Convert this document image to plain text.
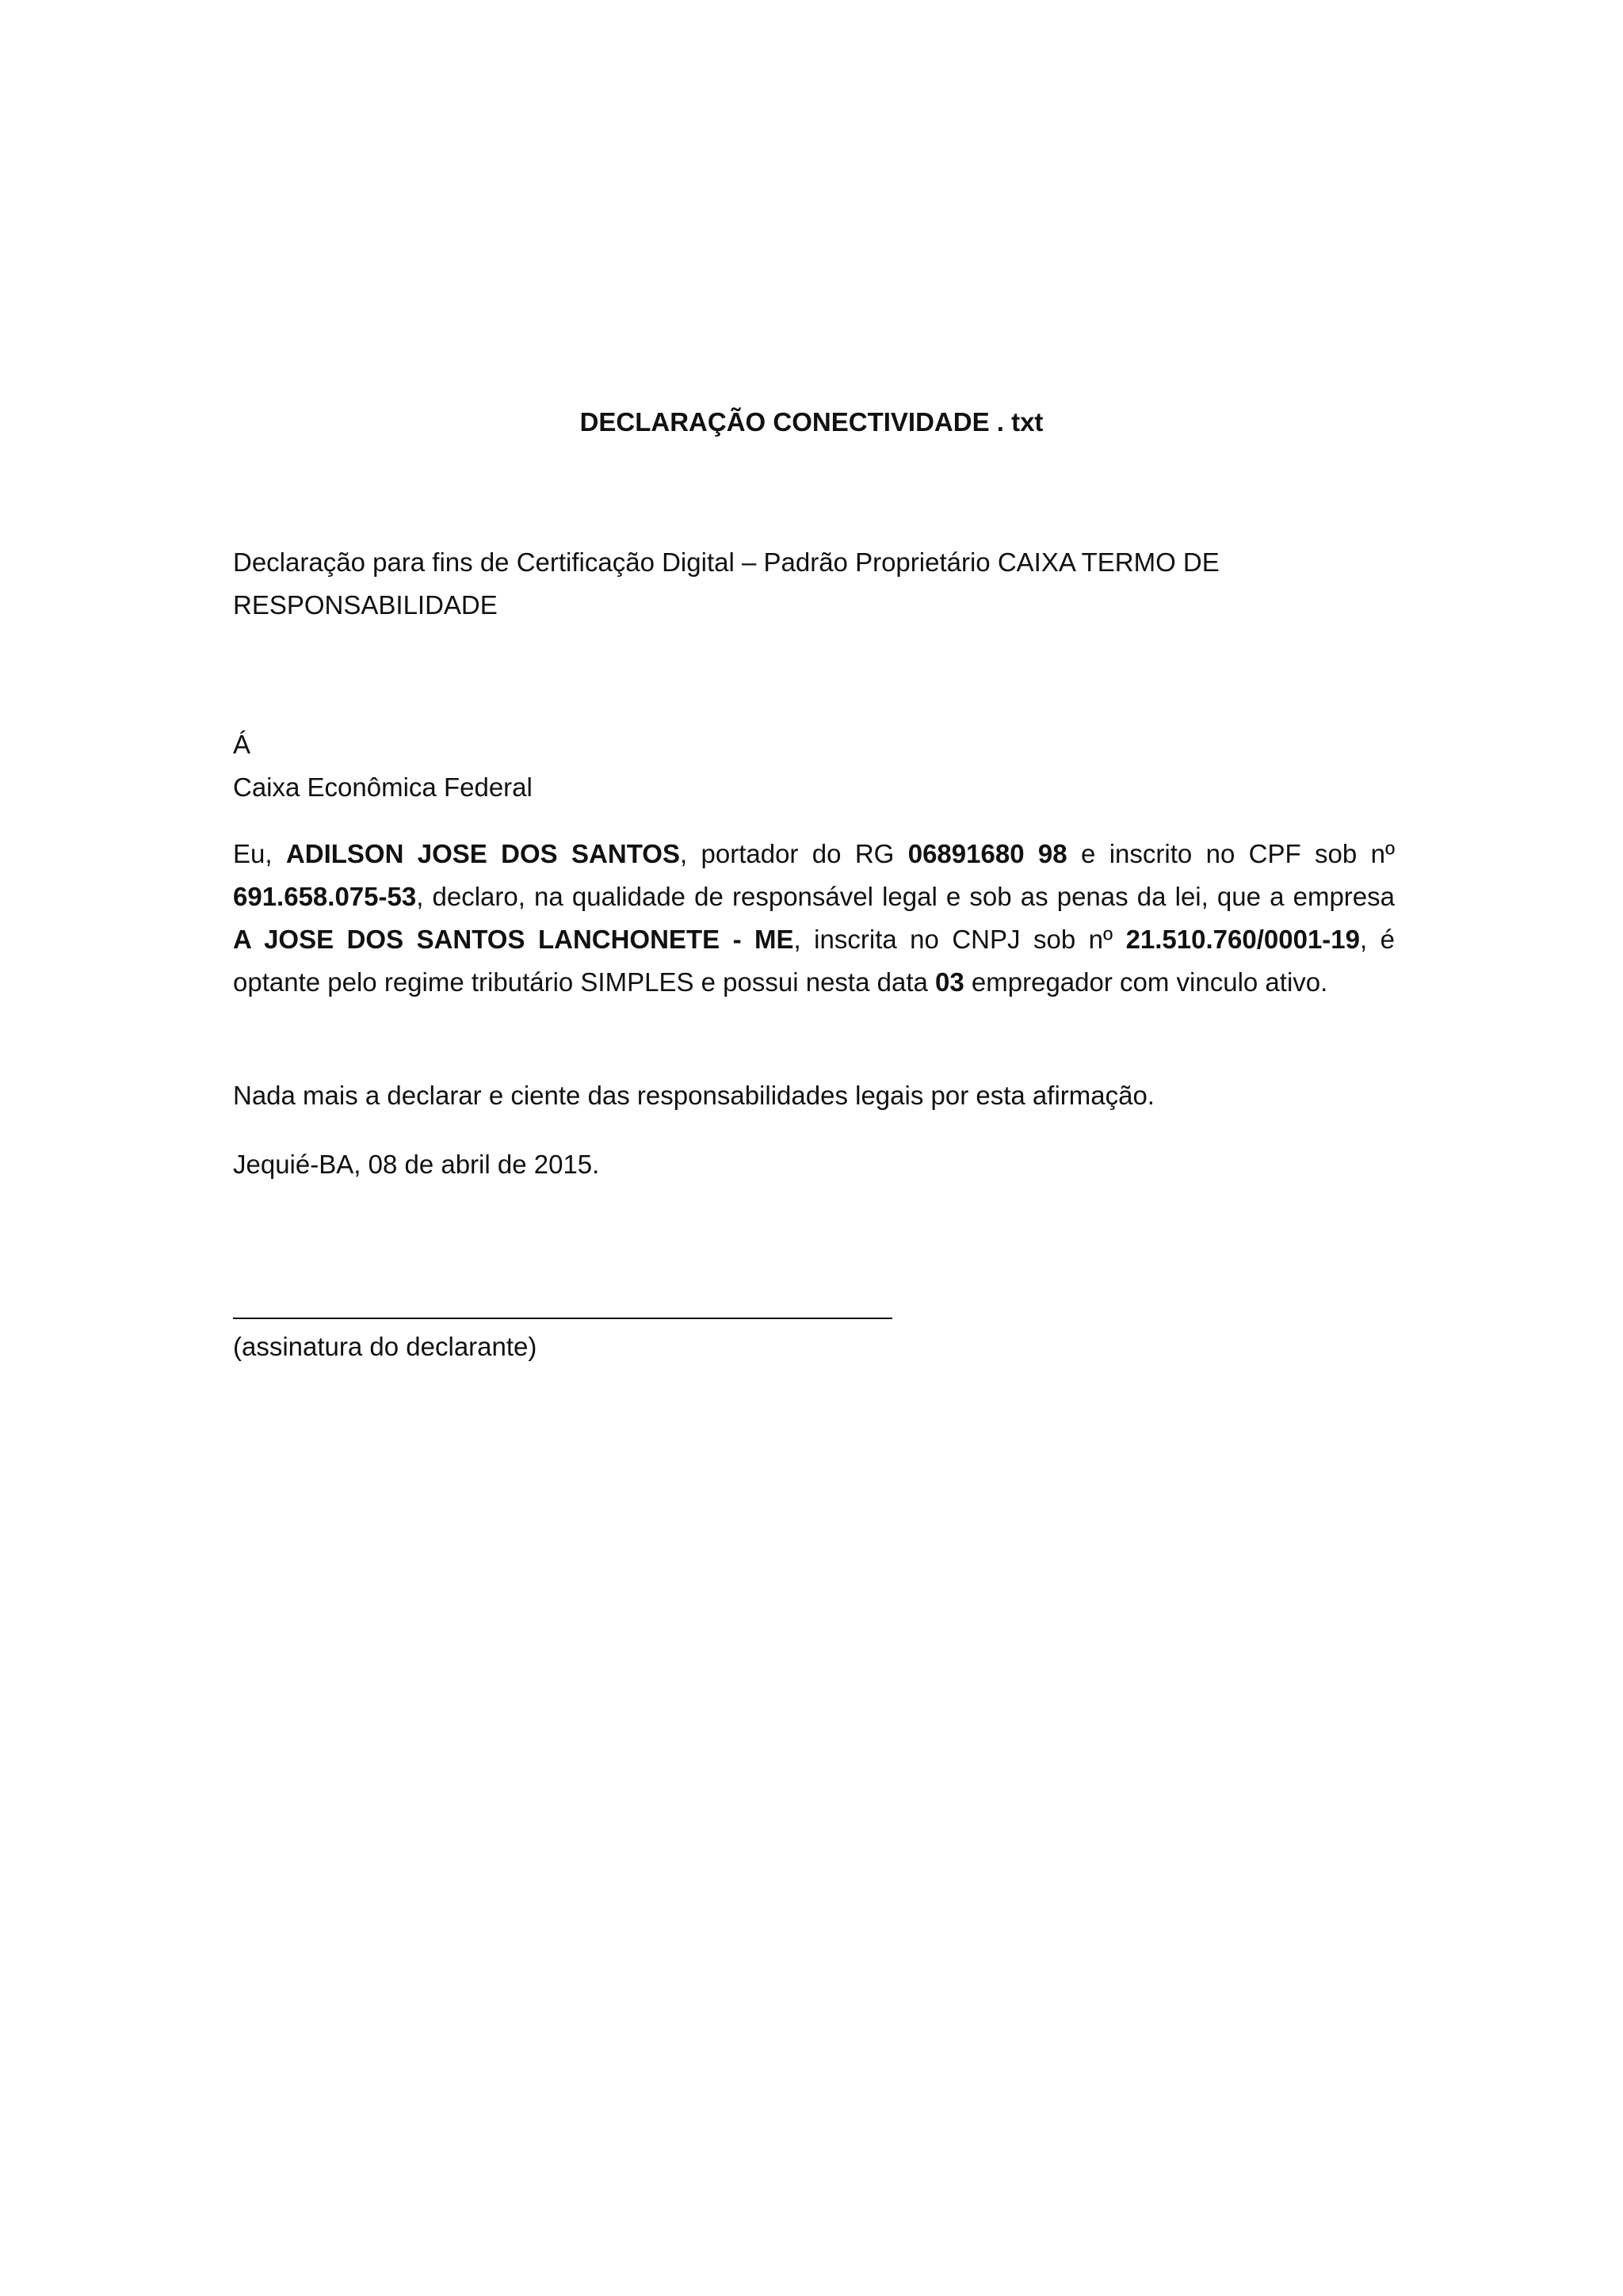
DECLARAÇÃO CONECTIVIDADE . txt

Declaração para fins de Certificação Digital – Padrão Proprietário CAIXA TERMO DE RESPONSABILIDADE

Á
Caixa Econômica Federal

Eu, ADILSON JOSE DOS SANTOS, portador do RG 06891680 98 e inscrito no CPF sob nº 691.658.075-53, declaro, na qualidade de responsável legal e sob as penas da lei, que a empresa A JOSE DOS SANTOS LANCHONETE - ME, inscrita no CNPJ sob nº 21.510.760/0001-19, é optante pelo regime tributário SIMPLES e possui nesta data 03 empregador com vinculo ativo.

Nada mais a declarar e ciente das responsabilidades legais por esta afirmação.

Jequié-BA, 08 de abril de 2015.

(assinatura do declarante)
